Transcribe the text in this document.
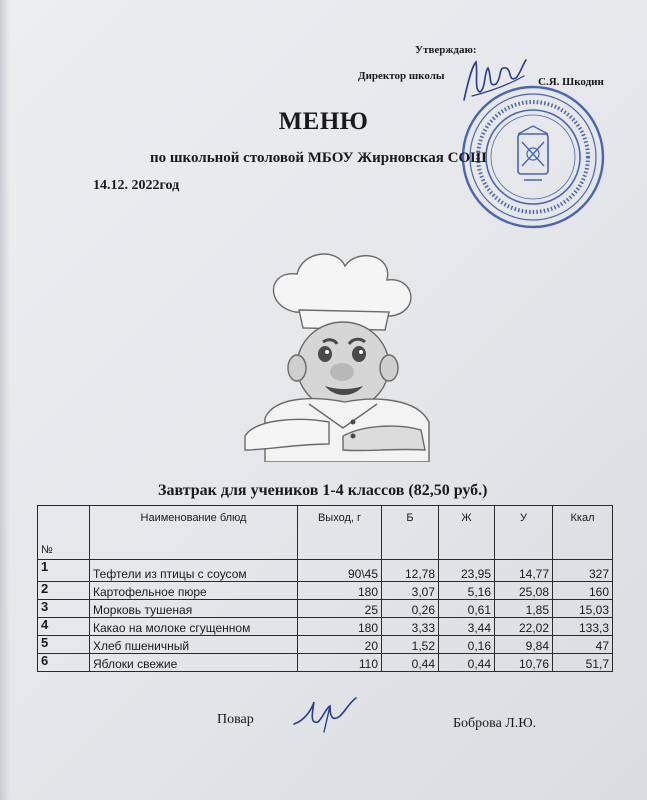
Утверждаю:
Директор школы	С.Я. Шкодин
МЕНЮ
по школьной столовой МБОУ Жирновская СОШ
14.12. 2022год
Завтрак для учеников 1-4 классов (82,50 руб.)
№	Наименование блюд	Выход, г	Б	Ж	У	Ккал
1	Тефтели из птицы с соусом	90\45	12,78	23,95	14,77	327
2	Картофельное пюре	180	3,07	5,16	25,08	160
3	Морковь тушеная	25	0,26	0,61	1,85	15,03
4	Какао на молоке сгущенном	180	3,33	3,44	22,02	133,3
5	Хлеб пшеничный	20	1,52	0,16	9,84	47
6	Яблоки свежие	110	0,44	0,44	10,76	51,7
Повар	Боброва Л.Ю.
